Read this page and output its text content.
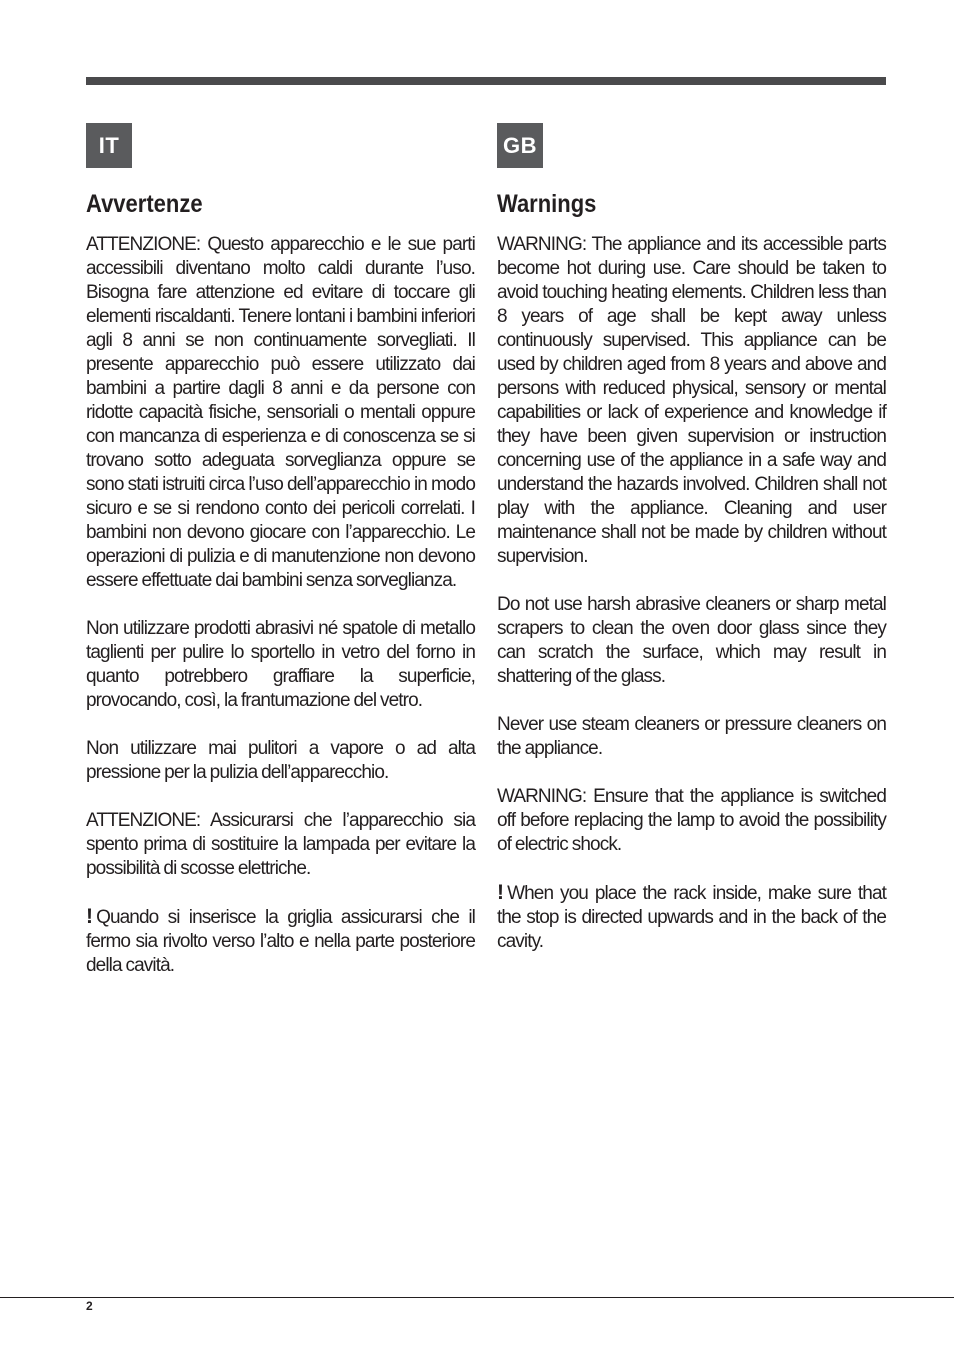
IT
Avvertenze

ATTENZIONE: Questo apparecchio e le sue parti accessibili diventano molto caldi durante l’uso. Bisogna fare attenzione ed evitare di toccare gli elementi riscaldanti. Tenere lontani i bambini inferiori agli 8 anni se non continuamente sorvegliati. Il presente apparecchio può essere utilizzato dai bambini a partire dagli 8 anni e da persone con ridotte capacità fisiche, sensoriali o mentali oppure con mancanza di esperienza e di conoscenza se si trovano sotto adeguata sorveglianza oppure se sono stati istruiti circa l’uso dell’apparecchio in modo sicuro e se si rendono conto dei pericoli correlati. I bambini non devono giocare con l’apparecchio. Le operazioni di pulizia e di manutenzione non devono essere effettuate dai bambini senza sorveglianza.

Non utilizzare prodotti abrasivi né spatole di metallo taglienti per pulire lo sportello in vetro del forno in quanto potrebbero graffiare la superficie, provocando, così, la frantumazione del vetro.

Non utilizzare mai pulitori a vapore o ad alta pressione per la pulizia dell’apparecchio.

ATTENZIONE: Assicurarsi che l’apparecchio sia spento prima di sostituire la lampada per evitare la possibilità di scosse elettriche.

! Quando si inserisce la griglia assicurarsi che il fermo sia rivolto verso l’alto e nella parte posteriore della cavità.

GB
Warnings

WARNING: The appliance and its accessible parts become hot during use. Care should be taken to avoid touching heating elements. Children less than 8 years of age shall be kept away unless continuously supervised. This appliance can be used by children aged from 8 years and above and persons with reduced physical, sensory or mental capabilities or lack of experience and knowledge if they have been given supervision or instruction concerning use of the appliance in a safe way and understand the hazards involved. Children shall not play with the appliance. Cleaning and user maintenance shall not be made by children without supervision.

Do not use harsh abrasive cleaners or sharp metal scrapers to clean the oven door glass since they can scratch the surface, which may result in shattering of the glass.

Never use steam cleaners or pressure cleaners on the appliance.

WARNING: Ensure that the appliance is switched off before replacing the lamp to avoid the possibility of electric shock.

! When you place the rack inside, make sure that the stop is directed upwards and in the back of the cavity.

2
